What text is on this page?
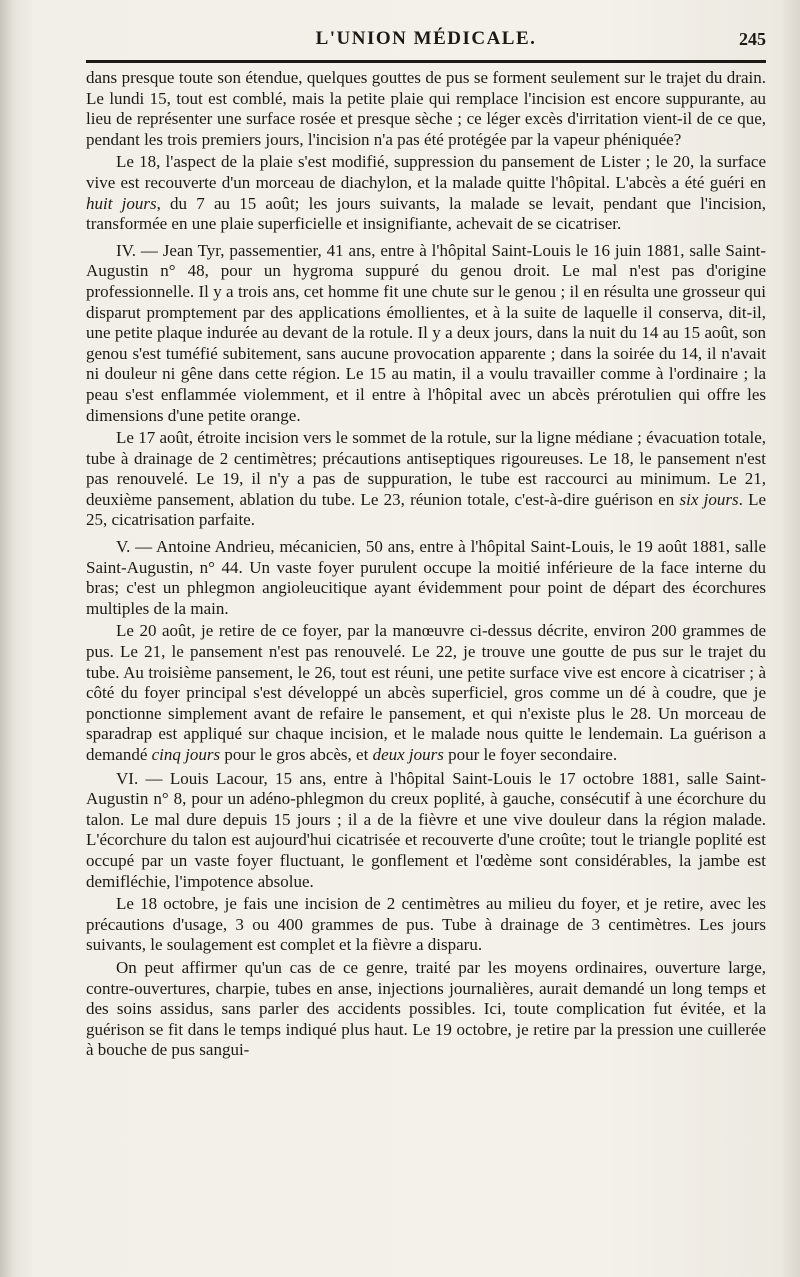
L'UNION MÉDICALE.	245

dans presque toute son étendue, quelques gouttes de pus se forment seulement sur le trajet du drain. Le lundi 15, tout est comblé, mais la petite plaie qui remplace l'incision est encore suppurante, au lieu de représenter une surface rosée et presque sèche ; ce léger excès d'irritation vient-il de ce que, pendant les trois premiers jours, l'incision n'a pas été protégée par la vapeur phéniquée?

Le 18, l'aspect de la plaie s'est modifié, suppression du pansement de Lister ; le 20, la surface vive est recouverte d'un morceau de diachylon, et la malade quitte l'hôpital. L'abcès a été guéri en huit jours, du 7 au 15 août; les jours suivants, la malade se levait, pendant que l'incision, transformée en une plaie superficielle et insignifiante, achevait de se cicatriser.

IV. — Jean Tyr, passementier, 41 ans, entre à l'hôpital Saint-Louis le 16 juin 1881, salle Saint-Augustin n° 48, pour un hygroma suppuré du genou droit. Le mal n'est pas d'origine professionnelle. Il y a trois ans, cet homme fit une chute sur le genou ; il en résulta une grosseur qui disparut promptement par des applications émollientes, et à la suite de laquelle il conserva, dit-il, une petite plaque indurée au devant de la rotule. Il y a deux jours, dans la nuit du 14 au 15 août, son genou s'est tuméfié subitement, sans aucune provocation apparente ; dans la soirée du 14, il n'avait ni douleur ni gêne dans cette région. Le 15 au matin, il a voulu travailler comme à l'ordinaire ; la peau s'est enflammée violemment, et il entre à l'hôpital avec un abcès prérotulien qui offre les dimensions d'une petite orange.

Le 17 août, étroite incision vers le sommet de la rotule, sur la ligne médiane ; évacuation totale, tube à drainage de 2 centimètres; précautions antiseptiques rigoureuses. Le 18, le pansement n'est pas renouvelé. Le 19, il n'y a pas de suppuration, le tube est raccourci au minimum. Le 21, deuxième pansement, ablation du tube. Le 23, réunion totale, c'est-à-dire guérison en six jours. Le 25, cicatrisation parfaite.

V. — Antoine Andrieu, mécanicien, 50 ans, entre à l'hôpital Saint-Louis, le 19 août 1881, salle Saint-Augustin, n° 44. Un vaste foyer purulent occupe la moitié inférieure de la face interne du bras; c'est un phlegmon angioleucitique ayant évidemment pour point de départ des écorchures multiples de la main.

Le 20 août, je retire de ce foyer, par la manœuvre ci-dessus décrite, environ 200 grammes de pus. Le 21, le pansement n'est pas renouvelé. Le 22, je trouve une goutte de pus sur le trajet du tube. Au troisième pansement, le 26, tout est réuni, une petite surface vive est encore à cicatriser ; à côté du foyer principal s'est développé un abcès superficiel, gros comme un dé à coudre, que je ponctionne simplement avant de refaire le pansement, et qui n'existe plus le 28. Un morceau de sparadrap est appliqué sur chaque incision, et le malade nous quitte le lendemain. La guérison a demandé cinq jours pour le gros abcès, et deux jours pour le foyer secondaire.

VI. — Louis Lacour, 15 ans, entre à l'hôpital Saint-Louis le 17 octobre 1881, salle Saint-Augustin n° 8, pour un adéno-phlegmon du creux poplité, à gauche, consécutif à une écorchure du talon. Le mal dure depuis 15 jours ; il a de la fièvre et une vive douleur dans la région malade. L'écorchure du talon est aujourd'hui cicatrisée et recouverte d'une croûte; tout le triangle poplité est occupé par un vaste foyer fluctuant, le gonflement et l'œdème sont considérables, la jambe est demifléchie, l'impotence absolue.

Le 18 octobre, je fais une incision de 2 centimètres au milieu du foyer, et je retire, avec les précautions d'usage, 3 ou 400 grammes de pus. Tube à drainage de 3 centimètres. Les jours suivants, le soulagement est complet et la fièvre a disparu.

On peut affirmer qu'un cas de ce genre, traité par les moyens ordinaires, ouverture large, contre-ouvertures, charpie, tubes en anse, injections journalières, aurait demandé un long temps et des soins assidus, sans parler des accidents possibles. Ici, toute complication fut évitée, et la guérison se fit dans le temps indiqué plus haut. Le 19 octobre, je retire par la pression une cuillerée à bouche de pus sangui-
